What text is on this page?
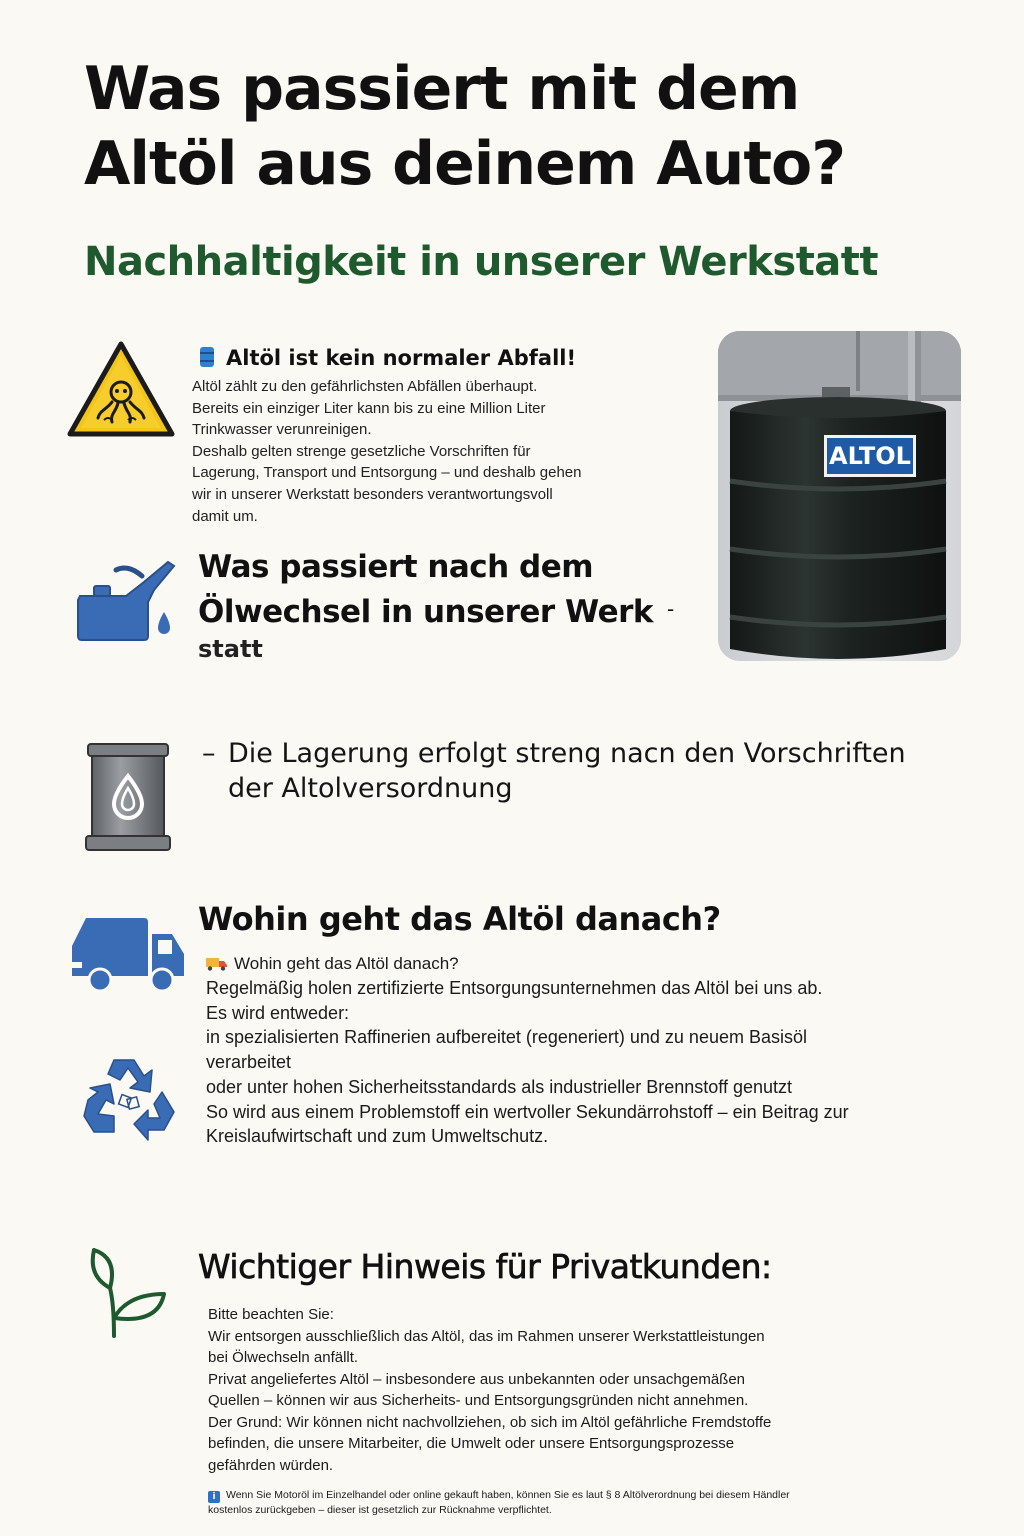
Was passiert mit dem
Altöl aus deinem Auto?
Nachhaltigkeit in unserer Werkstatt
Altöl ist kein normaler Abfall!
Altöl zählt zu den gefährlichsten Abfällen überhaupt.
Bereits ein einziger Liter kann bis zu eine Million Liter
Trinkwasser verunreinigen.
Deshalb gelten strenge gesetzliche Vorschriften für
Lagerung, Transport und Entsorgung – und deshalb gehen
wir in unserer Werkstatt besonders verantwortungsvoll
damit um.
ALTOL
Was passiert nach dem
Ölwechsel in unserer Werk -
statt
– Die Lagerung erfolgt streng nacn den Vorschriften
der Altolversordnung
Wohin geht das Altöl danach?
Wohin geht das Altöl danach?
Regelmäßig holen zertifizierte Entsorgungsunternehmen das Altöl bei uns ab.
Es wird entweder:
in spezialisierten Raffinerien aufbereitet (regeneriert) und zu neuem Basisöl
verarbeitet
oder unter hohen Sicherheitsstandards als industrieller Brennstoff genutzt
So wird aus einem Problemstoff ein wertvoller Sekundärrohstoff – ein Beitrag zur
Kreislaufwirtschaft und zum Umweltschutz.
Wichtiger Hinweis für Privatkunden:
Bitte beachten Sie:
Wir entsorgen ausschließlich das Altöl, das im Rahmen unserer Werkstattleistungen
bei Ölwechseln anfällt.
Privat angeliefertes Altöl – insbesondere aus unbekannten oder unsachgemäßen
Quellen – können wir aus Sicherheits- und Entsorgungsgründen nicht annehmen.
Der Grund: Wir können nicht nachvollziehen, ob sich im Altöl gefährliche Fremdstoffe
befinden, die unsere Mitarbeiter, die Umwelt oder unsere Entsorgungsprozesse
gefährden würden.
i Wenn Sie Motoröl im Einzelhandel oder online gekauft haben, können Sie es laut § 8 Altölverordnung bei diesem Händler
kostenlos zurückgeben – dieser ist gesetzlich zur Rücknahme verpflichtet.
